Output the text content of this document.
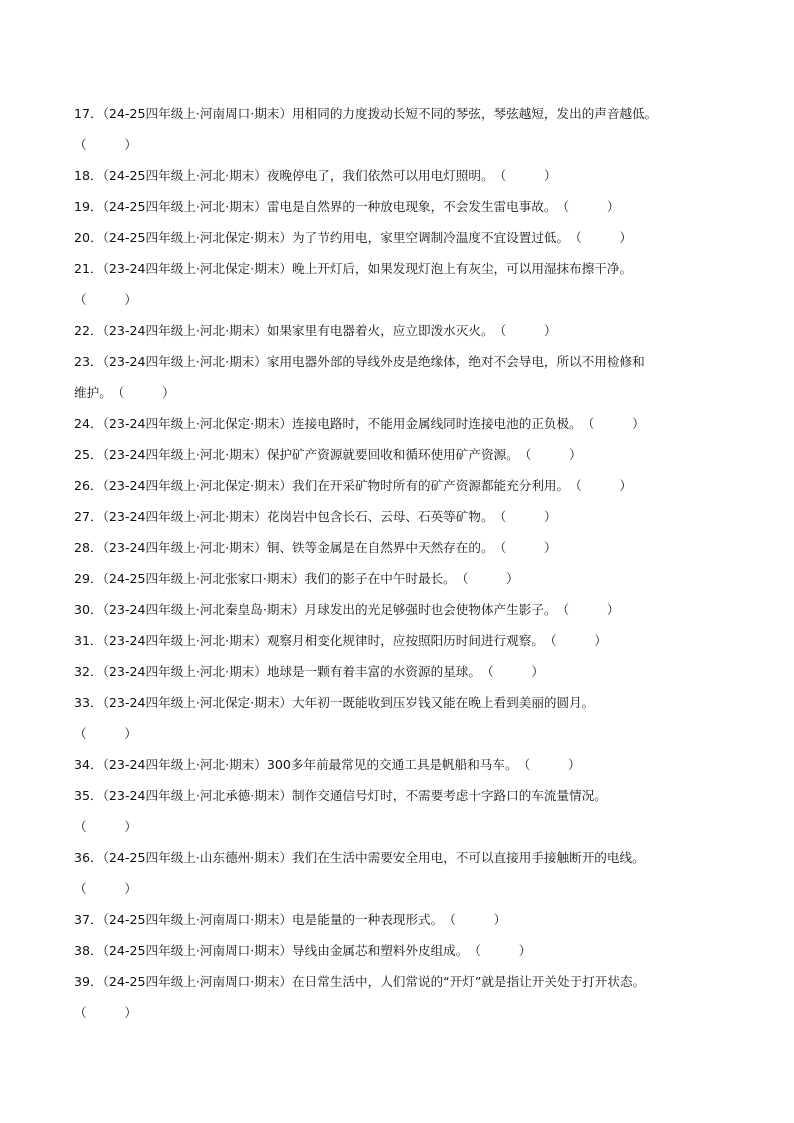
17．（24-25四年级上·河南周口·期末）用相同的力度拨动长短不同的琴弦，琴弦越短，发出的声音越低。
（　　　）
18．（24-25四年级上·河北·期末）夜晚停电了，我们依然可以用电灯照明。（　　　）
19．（24-25四年级上·河北·期末）雷电是自然界的一种放电现象，不会发生雷电事故。（　　　）
20．（24-25四年级上·河北保定·期末）为了节约用电，家里空调制冷温度不宜设置过低。（　　　）
21．（23-24四年级上·河北保定·期末）晚上开灯后，如果发现灯泡上有灰尘，可以用湿抹布擦干净。
（　　　）
22．（23-24四年级上·河北·期末）如果家里有电器着火，应立即泼水灭火。（　　　）
23．（23-24四年级上·河北·期末）家用电器外部的导线外皮是绝缘体，绝对不会导电，所以不用检修和
维护。（　　　）
24．（23-24四年级上·河北保定·期末）连接电路时，不能用金属线同时连接电池的正负极。（　　　）
25．（23-24四年级上·河北·期末）保护矿产资源就要回收和循环使用矿产资源。（　　　）
26．（23-24四年级上·河北保定·期末）我们在开采矿物时所有的矿产资源都能充分利用。（　　　）
27．（23-24四年级上·河北·期末）花岗岩中包含长石、云母、石英等矿物。（　　　）
28．（23-24四年级上·河北·期末）铜、铁等金属是在自然界中天然存在的。（　　　）
29．（24-25四年级上·河北张家口·期末）我们的影子在中午时最长。（　　　）
30．（23-24四年级上·河北秦皇岛·期末）月球发出的光足够强时也会使物体产生影子。（　　　）
31．（23-24四年级上·河北·期末）观察月相变化规律时，应按照阳历时间进行观察。（　　　）
32．（23-24四年级上·河北·期末）地球是一颗有着丰富的水资源的星球。（　　　）
33．（23-24四年级上·河北保定·期末）大年初一既能收到压岁钱又能在晚上看到美丽的圆月。
（　　　）
34．（23-24四年级上·河北·期末）300多年前最常见的交通工具是帆船和马车。（　　　）
35．（23-24四年级上·河北承德·期末）制作交通信号灯时，不需要考虑十字路口的车流量情况。
（　　　）
36．（24-25四年级上·山东德州·期末）我们在生活中需要安全用电，不可以直接用手接触断开的电线。
（　　　）
37．（24-25四年级上·河南周口·期末）电是能量的一种表现形式。（　　　）
38．（24-25四年级上·河南周口·期末）导线由金属芯和塑料外皮组成。（　　　）
39．（24-25四年级上·河南周口·期末）在日常生活中，人们常说的“开灯”就是指让开关处于打开状态。
（　　　）
